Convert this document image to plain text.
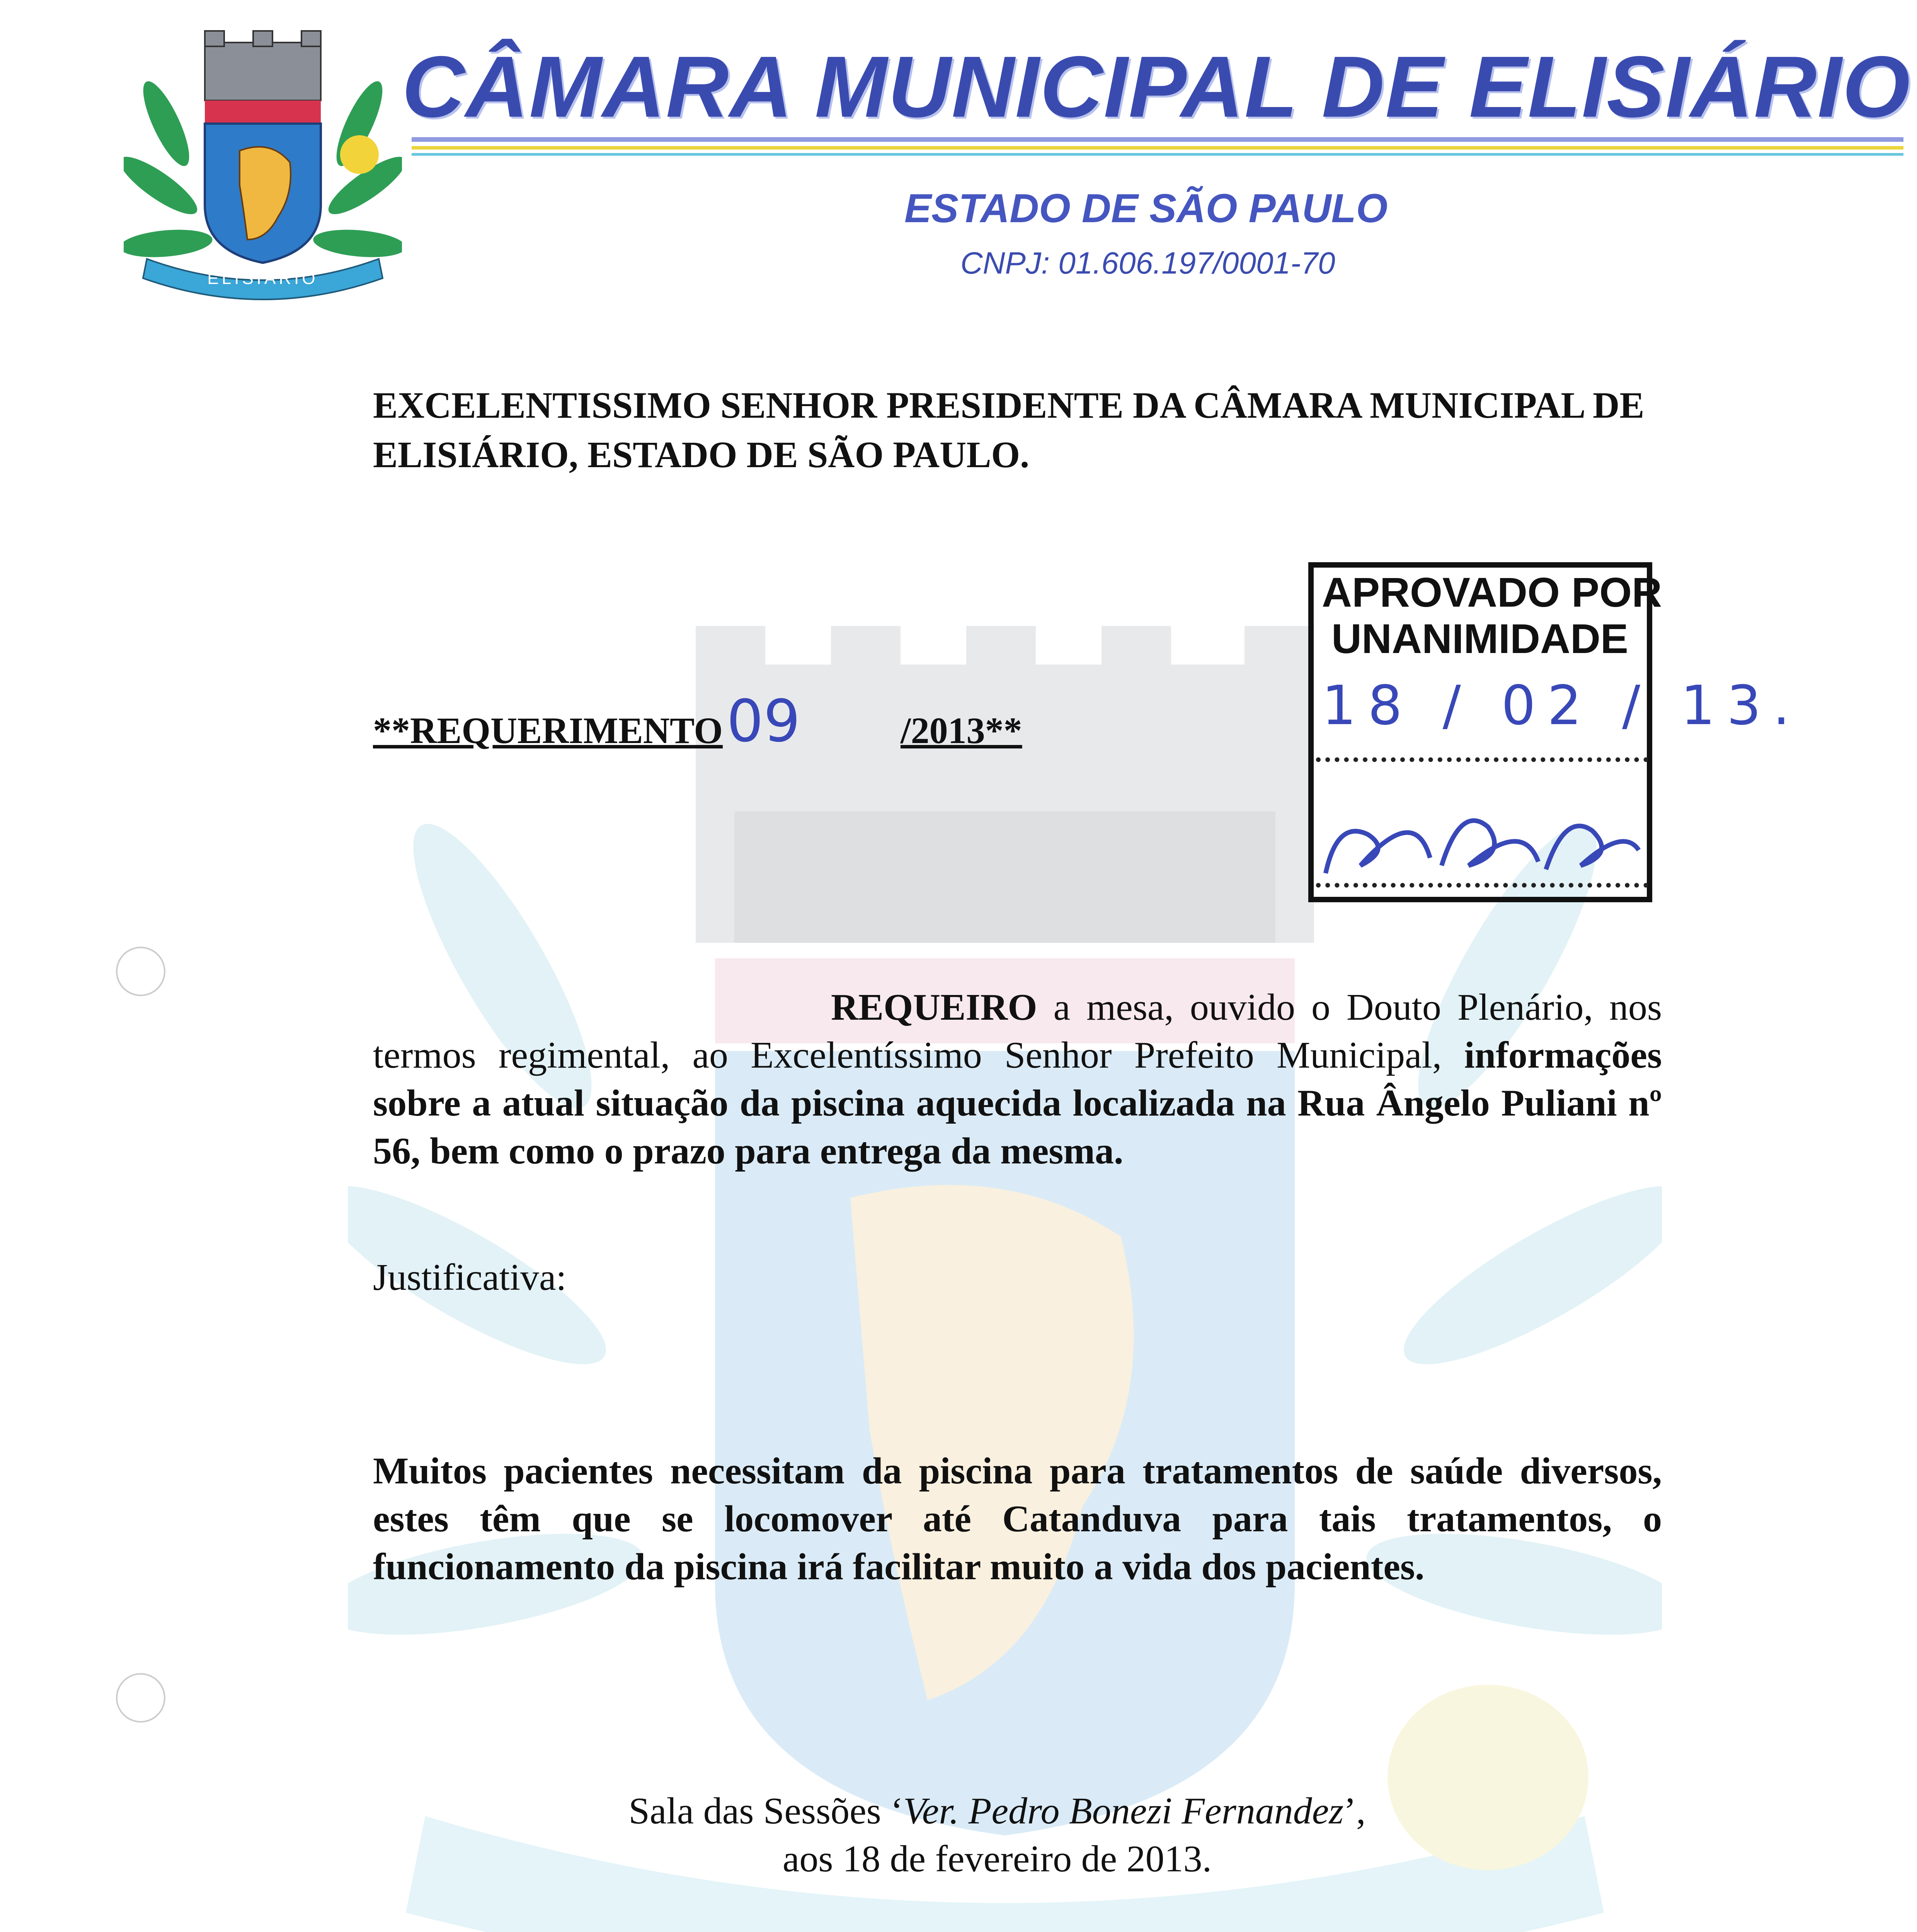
ELISIÁRIO
CÂMARA MUNICIPAL DE ELISIÁRIO
ESTADO DE SÃO PAULO
CNPJ: 01.606.197/0001-70
EXCELENTISSIMO SENHOR PRESIDENTE DA CÂMARA MUNICIPAL DE ELISIÁRIO, ESTADO DE SÃO PAULO.
**REQUERIMENTO 09	/2013**
APROVADO POR
UNANIMIDADE
18 / 02 / 13.
REQUEIRO a mesa, ouvido o Douto Plenário, nos termos regimental, ao Excelentíssimo Senhor Prefeito Municipal, informações sobre a atual situação da piscina aquecida localizada na Rua Ângelo Puliani nº 56, bem como o prazo para entrega da mesma.
Justificativa:
Muitos pacientes necessitam da piscina para tratamentos de saúde diversos, estes têm que se locomover até Catanduva para tais tratamentos, o funcionamento da piscina irá facilitar muito a vida dos pacientes.
Sala das Sessões ‘Ver. Pedro Bonezi Fernandez’,
aos 18 de fevereiro de 2013.
